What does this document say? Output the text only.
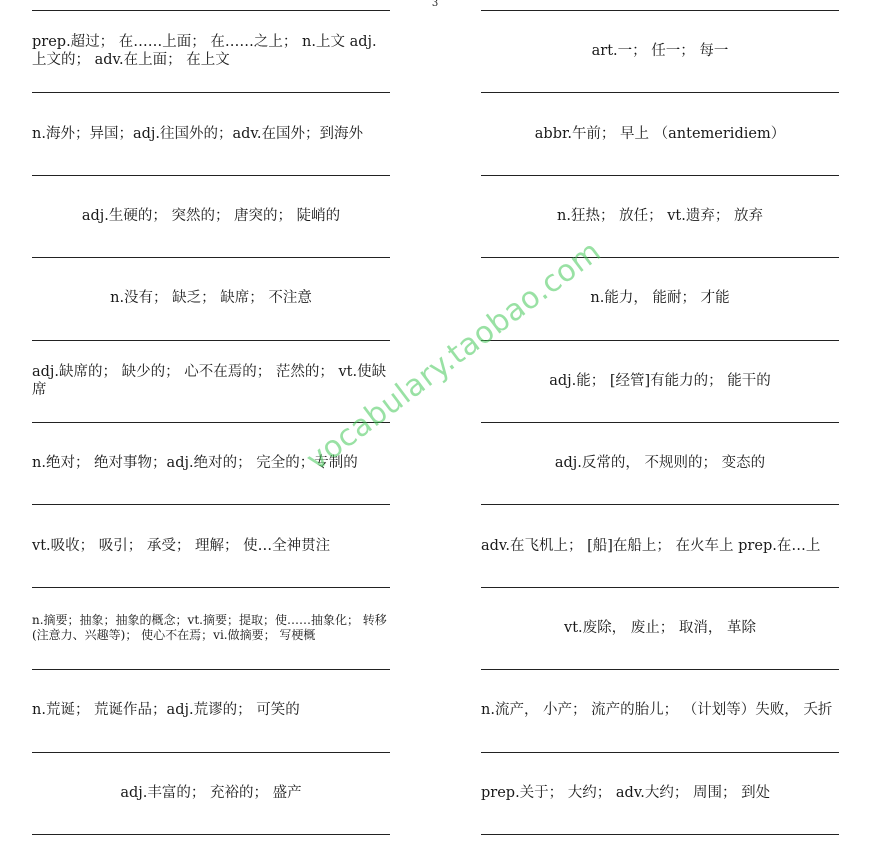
3
prep.超过； 在……上面； 在……之上； n.上文 adj.上文的； adv.在上面； 在上文
n.海外；异国；adj.往国外的；adv.在国外；到海外
adj.生硬的； 突然的； 唐突的； 陡峭的
n.没有； 缺乏； 缺席； 不注意
adj.缺席的； 缺少的； 心不在焉的； 茫然的； vt.使缺席
n.绝对； 绝对事物；adj.绝对的； 完全的；专制的
vt.吸收； 吸引； 承受； 理解； 使…全神贯注
n.摘要；抽象；抽象的概念；vt.摘要；提取；使……抽象化； 转移(注意力、兴趣等)； 使心不在焉；vi.做摘要； 写梗概
n.荒诞； 荒诞作品；adj.荒谬的； 可笑的
adj.丰富的； 充裕的； 盛产
art.一； 任一； 每一
abbr.午前； 早上 （antemeridiem）
n.狂热； 放任； vt.遗弃； 放弃
n.能力， 能耐； 才能
adj.能； [经管]有能力的； 能干的
adj.反常的， 不规则的； 变态的
adv.在飞机上； [船]在船上； 在火车上 prep.在…上
vt.废除， 废止； 取消， 革除
n.流产， 小产； 流产的胎儿； （计划等）失败， 夭折
prep.关于； 大约； adv.大约； 周围； 到处
vocabulary.taobao.com
